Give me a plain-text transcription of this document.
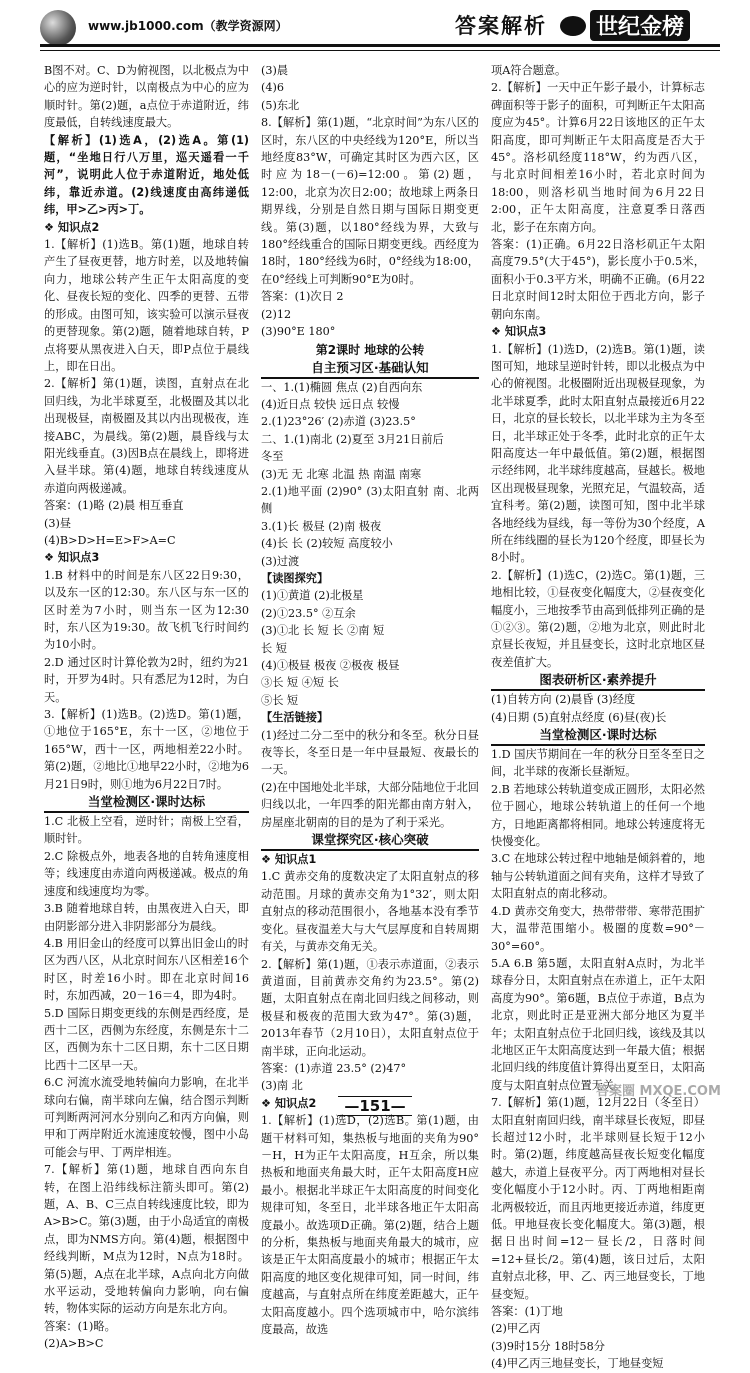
www.jb1000.com（教学资源网）	答案解析 世纪金榜

B图不对。C、D为俯视图，以北极点为中心的应为逆时针，以南极点为中心的应为顺时针。第(2)题，a点位于赤道附近，纬度最低，自转线速度最大。

【解析】(1)选A，(2)选A。第(1)题，“坐地日行八万里，巡天遥看一千河”，说明此人位于赤道附近，地处低纬，靠近赤道。(2)线速度由高纬递低纬，甲>乙>丙>丁。

❖ 知识点2

1.【解析】(1)选B。第(1)题，地球自转产生了昼夜更替，地方时差，以及地转偏向力，地球公转产生正午太阳高度的变化、昼夜长短的变化、四季的更替、五带的形成。由图可知，该实验可以演示昼夜的更替现象。第(2)题，随着地球自转，P点将要从黑夜进入白天，即P点位于晨线上，即在日出。

2.【解析】第(1)题，读图，直射点在北回归线，为北半球夏至，北极圈及其以北出现极昼，南极圈及其以内出现极夜，连接ABC，为晨线。第(2)题，晨昏线与太阳光线垂直。(3)因B点在晨线上，即将进入昼半球。第(4)题，地球自转线速度从赤道向两极递减。

答案：(1)略 (2)晨 相互垂直

(3)昼

(4)B>D>H=E>F>A=C

❖ 知识点3

1.B 材料中的时间是东八区22日9:30，以及东一区的12:30。东八区与东一区的区时差为7小时，则当东一区为12:30时，东八区为19:30。故飞机飞行时间约为10小时。

2.D 通过区时计算伦敦为2时，纽约为21时，开罗为4时。只有悉尼为12时，为白天。

3.【解析】(1)选B。(2)选D。第(1)题，①地位于165°E，东十一区，②地位于165°W，西十一区，两地相差22小时。第(2)题，②地比①地早22小时，②地为6月21日9时，则①地为6月22日7时。

当堂检测区·课时达标

1.C 北极上空看，逆时针；南极上空看，顺时针。

2.C 除极点外，地表各地的自转角速度相等；线速度由赤道向两极递减。极点的角速度和线速度均为零。

3.B 随着地球自转，由黑夜进入白天，即由阴影部分进入非阴影部分为晨线。

4.B 用旧金山的经度可以算出旧金山的时区为西八区，从北京时间东八区相差16个时区，时差16小时。即在北京时间16时，东加西减，20－16＝4，即为4时。

5.D 国际日期变更线的东侧是西经度，是西十二区，西侧为东经度，东侧是东十二区，西侧为东十二区日期，东十二区日期比西十二区早一天。

6.C 河流水流受地转偏向力影响，在北半球向右偏，南半球向左偏，结合图示判断可判断两河河水分别向乙和丙方向偏，则甲和丁两岸附近水流速度较慢，图中小岛可能会与甲、丁两岸相连。

7.【解析】第(1)题，地球自西向东自转，在图上沿纬线标注箭头即可。第(2)题，A、B、C三点自转线速度比较，即为A>B>C。第(3)题，由于小岛适宜的南极点，即为NMS方向。第(4)题，根据图中经线判断，M点为12时，N点为18时。第(5)题，A点在北半球，A点向北方向做水平运动，受地转偏向力影响，向右偏转，物体实际的运动方向是东北方向。

答案：(1)略。

(2)A>B>C

(3)晨

(4)6

(5)东北

8.【解析】第(1)题，“北京时间”为东八区的区时，东八区的中央经线为120°E，所以当地经度83°W，可确定其时区为西六区，区时应为18－(－6)=12:00。第(2)题，12:00，北京为次日2:00；故地球上两条日期界线，分别是自然日期与国际日期变更线。第(3)题，以180°经线为界，大致与180°经线重合的国际日期变更线。西经度为18时，180°经线为6时，0°经线为18:00，在0°经线上可判断90°E为0时。

答案：(1)次日 2

(2)12

(3)90°E 180°

第2课时 地球的公转

自主预习区·基础认知

一、1.(1)椭圆 焦点 (2)自西向东

(4)近日点 较快 远日点 较慢

2.(1)23°26′ (2)赤道 (3)23.5°

二、1.(1)南北 (2)夏至 3月21日前后

冬至

(3)无 无 北寒 北温 热 南温 南寒

2.(1)地平面 (2)90° (3)太阳直射 南、北两侧

3.(1)长 极昼 (2)南 极夜

(4)长 长 (2)较短 高度较小

(3)过渡

【读图探究】

(1)①黄道 (2)北极星

(2)①23.5° ②互余

(3)①北 长 短 长 ②南 短

长 短

(4)①极昼 极夜 ②极夜 极昼

③长 短 ④短 长

⑤长 短

【生活链接】

(1)经过二分二至中的秋分和冬至。秋分日昼夜等长，冬至日是一年中昼最短、夜最长的一天。

(2)在中国地处北半球，大部分陆地位于北回归线以北，一年四季的阳光都由南方射入，房屋座北朝南的目的是为了利于采光。

课堂探究区·核心突破

❖ 知识点1

1.C 黄赤交角的度数决定了太阳直射点的移动范围。月球的黄赤交角为1°32′，则太阳直射点的移动范围很小，各地基本没有季节变化。昼夜温差大与大气层厚度和自转周期有关，与黄赤交角无关。

2.【解析】第(1)题，①表示赤道面，②表示黄道面，目前黄赤交角约为23.5°。第(2)题，太阳直射点在南北回归线之间移动，则极昼和极夜的范围大致为47°。第(3)题，2013年春节（2月10日），太阳直射点位于南半球，正向北运动。

答案：(1)赤道 23.5° (2)47°

(3)南 北

❖ 知识点2

1.【解析】(1)选D，(2)选B。第(1)题，由题干材料可知，集热板与地面的夹角为90°－H，H为正午太阳高度，H互余，所以集热板和地面夹角最大时，正午太阳高度H应最小。根据北半球正午太阳高度的时间变化规律可知，冬至日，北半球各地正午太阳高度最小。故选项D正确。第(2)题，结合上题的分析，集热板与地面夹角最大的城市，应该是正午太阳高度最小的城市；根据正午太阳高度的地区变化规律可知，同一时间，纬度越高，与直射点所在纬度差距越大，正午太阳高度越小。四个选项城市中，哈尔滨纬度最高，故选

项A符合题意。

2.【解析】一天中正午影子最小，计算标志碑面积等于影子的面积，可判断正午太阳高度应为45°。计算6月22日该地区的正午太阳高度，即可判断正午太阳高度是否大于45°。洛杉矶经度118°W，约为西八区，与北京时间相差16小时，若北京时间为18:00，则洛杉矶当地时间为6月22日2:00，正午太阳高度，注意夏季日落西北，影子在东南方向。

答案：(1)正确。6月22日洛杉矶正午太阳高度79.5°(大于45°)，影长度小于0.5米，面积小于0.3平方米，明确不正确。(6月22日北京时间12时太阳位于西北方向，影子朝向东南。

❖ 知识点3

1.【解析】(1)选D，(2)选B。第(1)题，读图可知，地球呈逆时针转，即以北极点为中心的俯视图。北极圈附近出现极昼现象，为北半球夏季，此时太阳直射点最接近6月22日，北京的昼长较长，以北半球为主为冬至日，北半球正处于冬季，此时北京的正午太阳高度达一年中最低值。第(2)题，根据图示经纬网，北半球纬度越高，昼越长。极地区出现极昼现象，光照充足，气温较高，适宜科考。第(2)题，读图可知，图中北半球各地经线为昼线，每一等份为30个经度，A所在纬线圈的昼长为120个经度，即昼长为8小时。

2.【解析】(1)选C，(2)选C。第(1)题，三地相比较，①昼夜变化幅度大，②昼夜变化幅度小，三地按季节由高到低排列正确的是①②③。第(2)题，②地为北京，则此时北京昼长夜短，并且昼变长，这时北京地区昼夜差值扩大。

图表研析区·素养提升

(1)自转方向 (2)晨昏 (3)经度

(4)日期 (5)直射点经度 (6)昼(夜)长

当堂检测区·课时达标

1.D 国庆节期间在一年的秋分日至冬至日之间，北半球的夜渐长昼渐短。

2.B 若地球公转轨道变成正圆形，太阳必然位于圆心，地球公转轨道上的任何一个地方，日地距离都将相同。地球公转速度将无快慢变化。

3.C 在地球公转过程中地轴是倾斜着的，地轴与公转轨道面之间有夹角，这样才导致了太阳直射点的南北移动。

4.D 黄赤交角变大，热带带带、寒带范围扩大，温带范围缩小。极圈的度数=90°－30°=60°。

5.A 6.B 第5题，太阳直射A点时，为北半球春分日，太阳直射点在赤道上，正午太阳高度为90°。第6题，B点位于赤道，B点为北京，则此时正是亚洲大部分地区为夏半年；太阳直射点位于北回归线，该线及其以北地区正午太阳高度达到一年最大值；根据北回归线的纬度值计算得出夏至日，太阳高度与太阳直射点位置无关。

7.【解析】第(1)题，12月22日（冬至日）太阳直射南回归线，南半球昼长夜短，即昼长超过12小时，北半球则昼长短于12小时。第(2)题，纬度越高昼夜长短变化幅度越大，赤道上昼夜平分。丙丁两地相对昼长变化幅度小于12小时。丙、丁两地相距南北两极较近，而且丙地更接近赤道，纬度更低。甲地昼夜长变化幅度大。第(3)题，根据日出时间=12－昼长/2，日落时间=12+昼长/2。第(4)题，该日过后，太阳直射点北移，甲、乙、丙三地昼变长，丁地昼变短。

答案：(1)丁地

(2)甲乙丙

(3)9时15分 18时58分

(4)甲乙丙三地昼变长，丁地昼变短

—151—
答案圈 MXQE.COM
